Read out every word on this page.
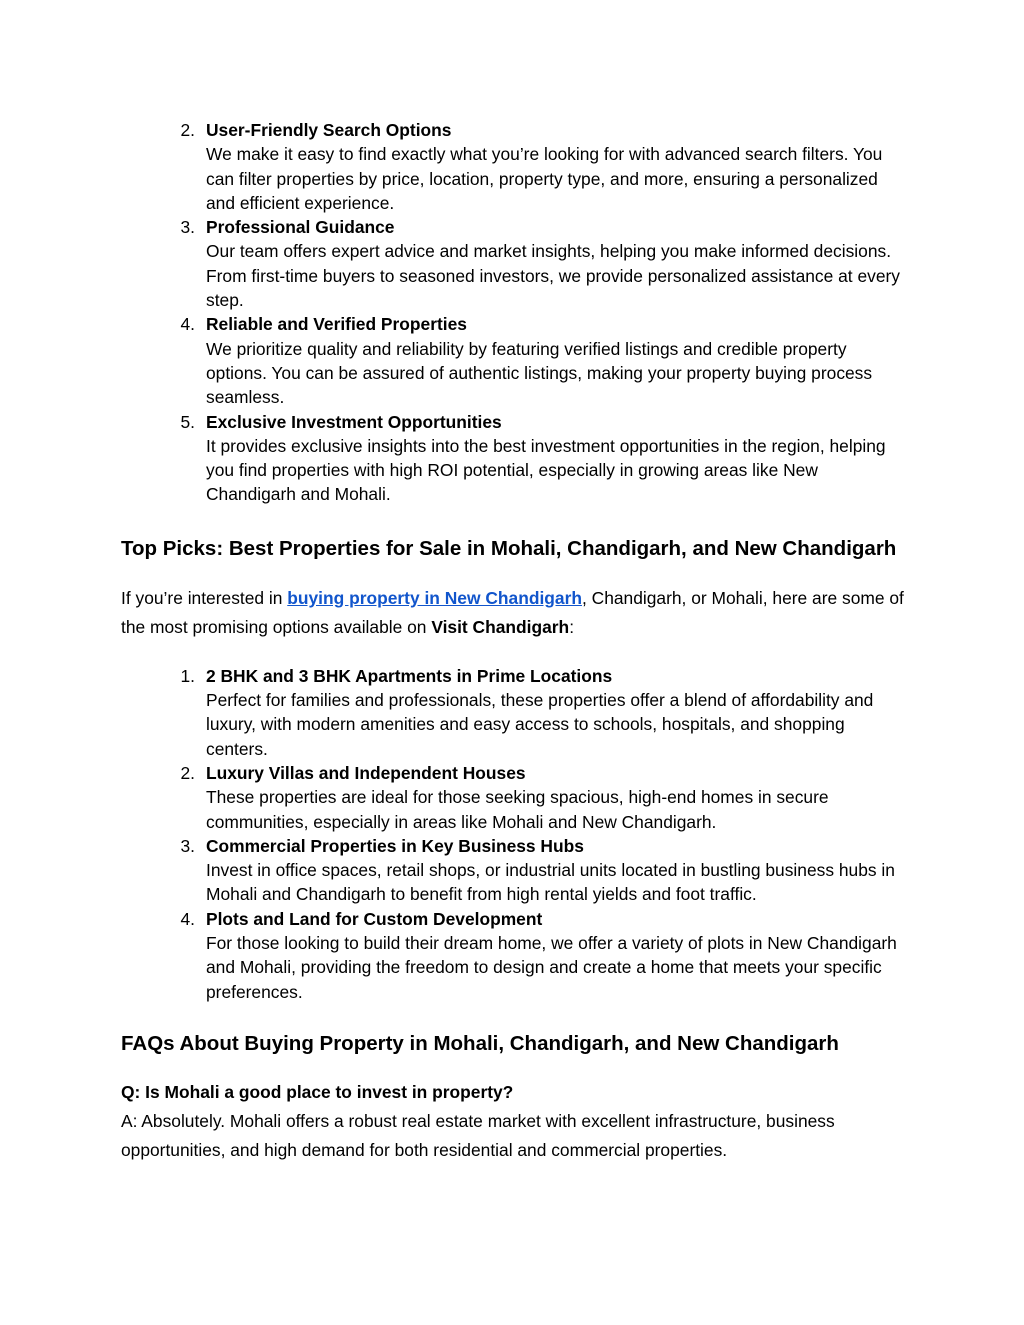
2. User-Friendly Search Options
We make it easy to find exactly what you’re looking for with advanced search filters. You can filter properties by price, location, property type, and more, ensuring a personalized and efficient experience.
3. Professional Guidance
Our team offers expert advice and market insights, helping you make informed decisions. From first-time buyers to seasoned investors, we provide personalized assistance at every step.
4. Reliable and Verified Properties
We prioritize quality and reliability by featuring verified listings and credible property options. You can be assured of authentic listings, making your property buying process seamless.
5. Exclusive Investment Opportunities
It provides exclusive insights into the best investment opportunities in the region, helping you find properties with high ROI potential, especially in growing areas like New Chandigarh and Mohali.
Top Picks: Best Properties for Sale in Mohali, Chandigarh, and New Chandigarh

If you’re interested in buying property in New Chandigarh, Chandigarh, or Mohali, here are some of the most promising options available on Visit Chandigarh:

1. 2 BHK and 3 BHK Apartments in Prime Locations
Perfect for families and professionals, these properties offer a blend of affordability and luxury, with modern amenities and easy access to schools, hospitals, and shopping centers.
2. Luxury Villas and Independent Houses
These properties are ideal for those seeking spacious, high-end homes in secure communities, especially in areas like Mohali and New Chandigarh.
3. Commercial Properties in Key Business Hubs
Invest in office spaces, retail shops, or industrial units located in bustling business hubs in Mohali and Chandigarh to benefit from high rental yields and foot traffic.
4. Plots and Land for Custom Development
For those looking to build their dream home, we offer a variety of plots in New Chandigarh and Mohali, providing the freedom to design and create a home that meets your specific preferences.
FAQs About Buying Property in Mohali, Chandigarh, and New Chandigarh

Q: Is Mohali a good place to invest in property?

A: Absolutely. Mohali offers a robust real estate market with excellent infrastructure, business opportunities, and high demand for both residential and commercial properties.
